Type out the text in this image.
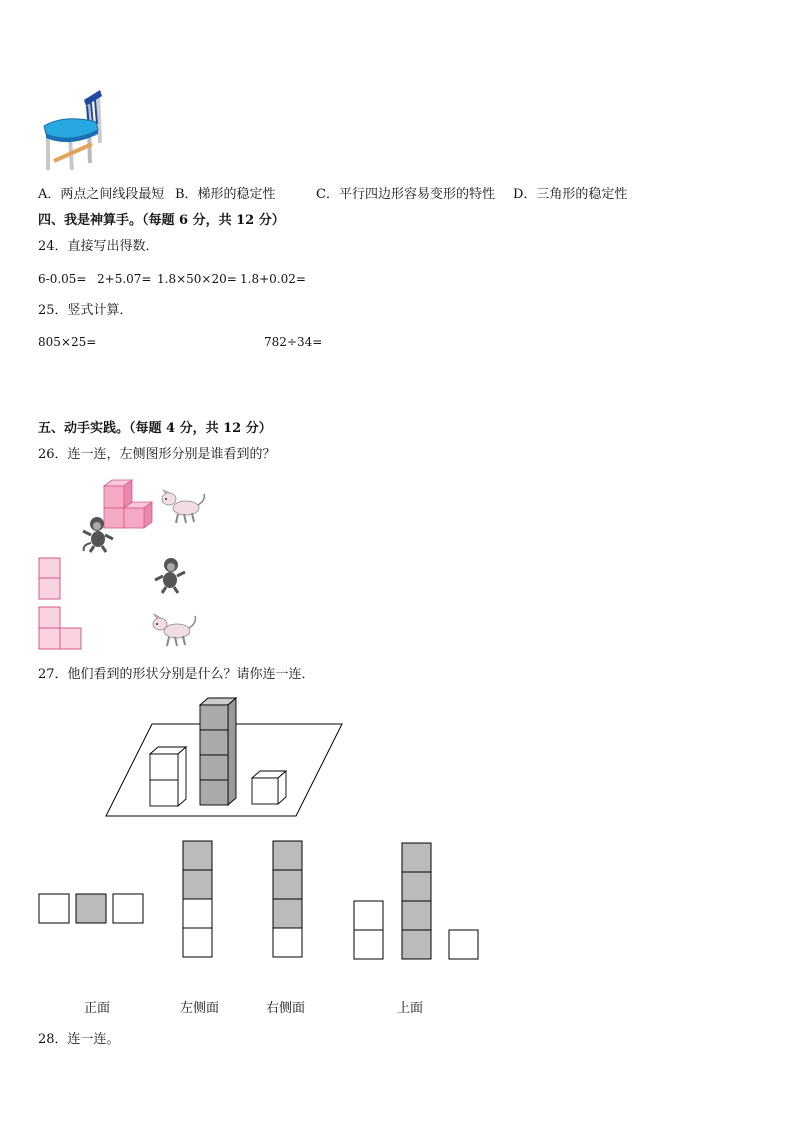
A．两点之间线段最短 B．梯形的稳定性	C．平行四边形容易变形的特性 D．三角形的稳定性
四、我是神算手。（每题 6 分，共 12 分）
24．直接写出得数．
6-0.05= 2+5.07= 1.8×50×20= 1.8+0.02=
25．竖式计算．
805×25=	782÷34=
五、动手实践。（每题 4 分，共 12 分）
26．连一连，左侧图形分别是谁看到的？
27．他们看到的形状分别是什么？请你连一连．
正面	左侧面	右侧面	上面
28．连一连。
